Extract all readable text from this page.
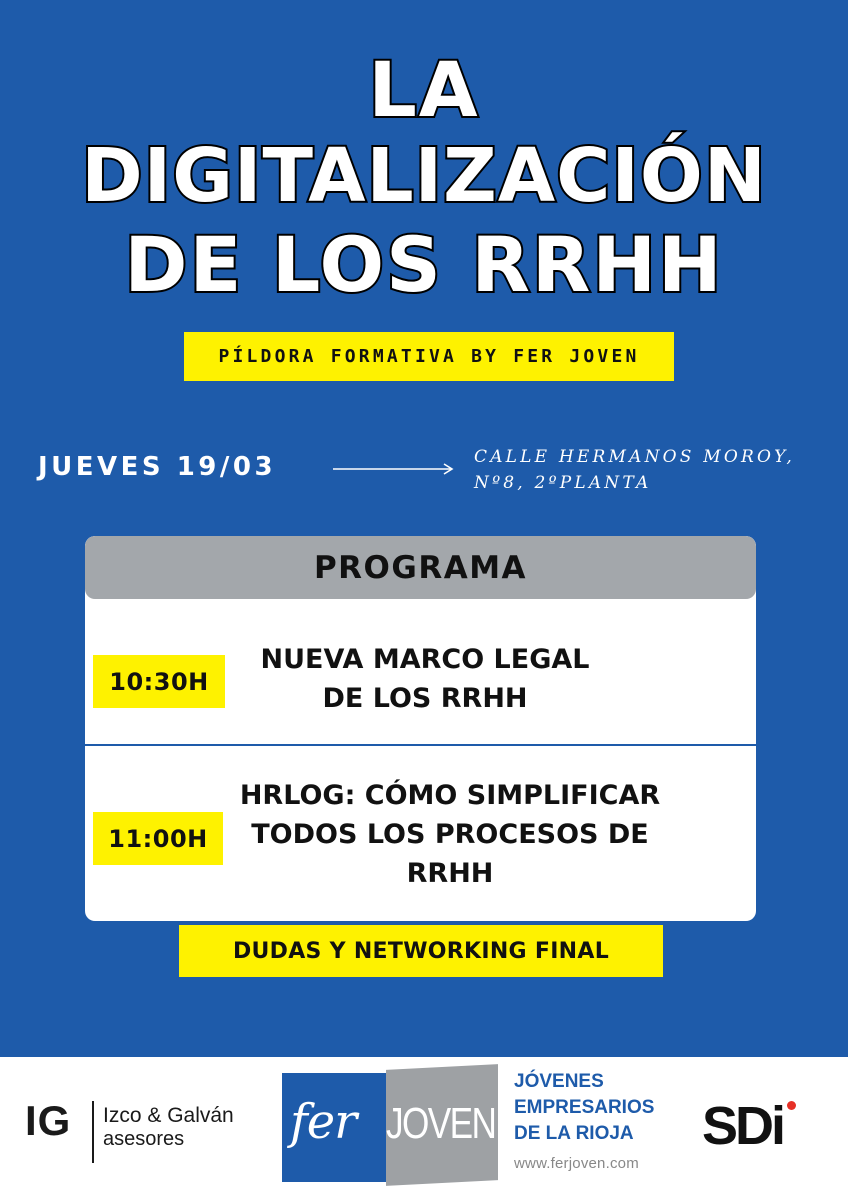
LA
DIGITALIZACIÓN
DE LOS RRHH
PÍLDORA FORMATIVA BY FER JOVEN
JUEVES 19/03	CALLE HERMANOS MOROY,
Nº8, 2ºPLANTA
PROGRAMA
10:30H
NUEVA MARCO LEGAL
DE LOS RRHH
11:00H
HRLOG: CÓMO SIMPLIFICAR
TODOS LOS PROCESOS DE
RRHH
DUDAS Y NETWORKING FINAL
IG Izco & Galván
asesores fer JOVEN
JÓVENES
EMPRESARIOS
DE LA RIOJA
www.ferjoven.com
SDi
